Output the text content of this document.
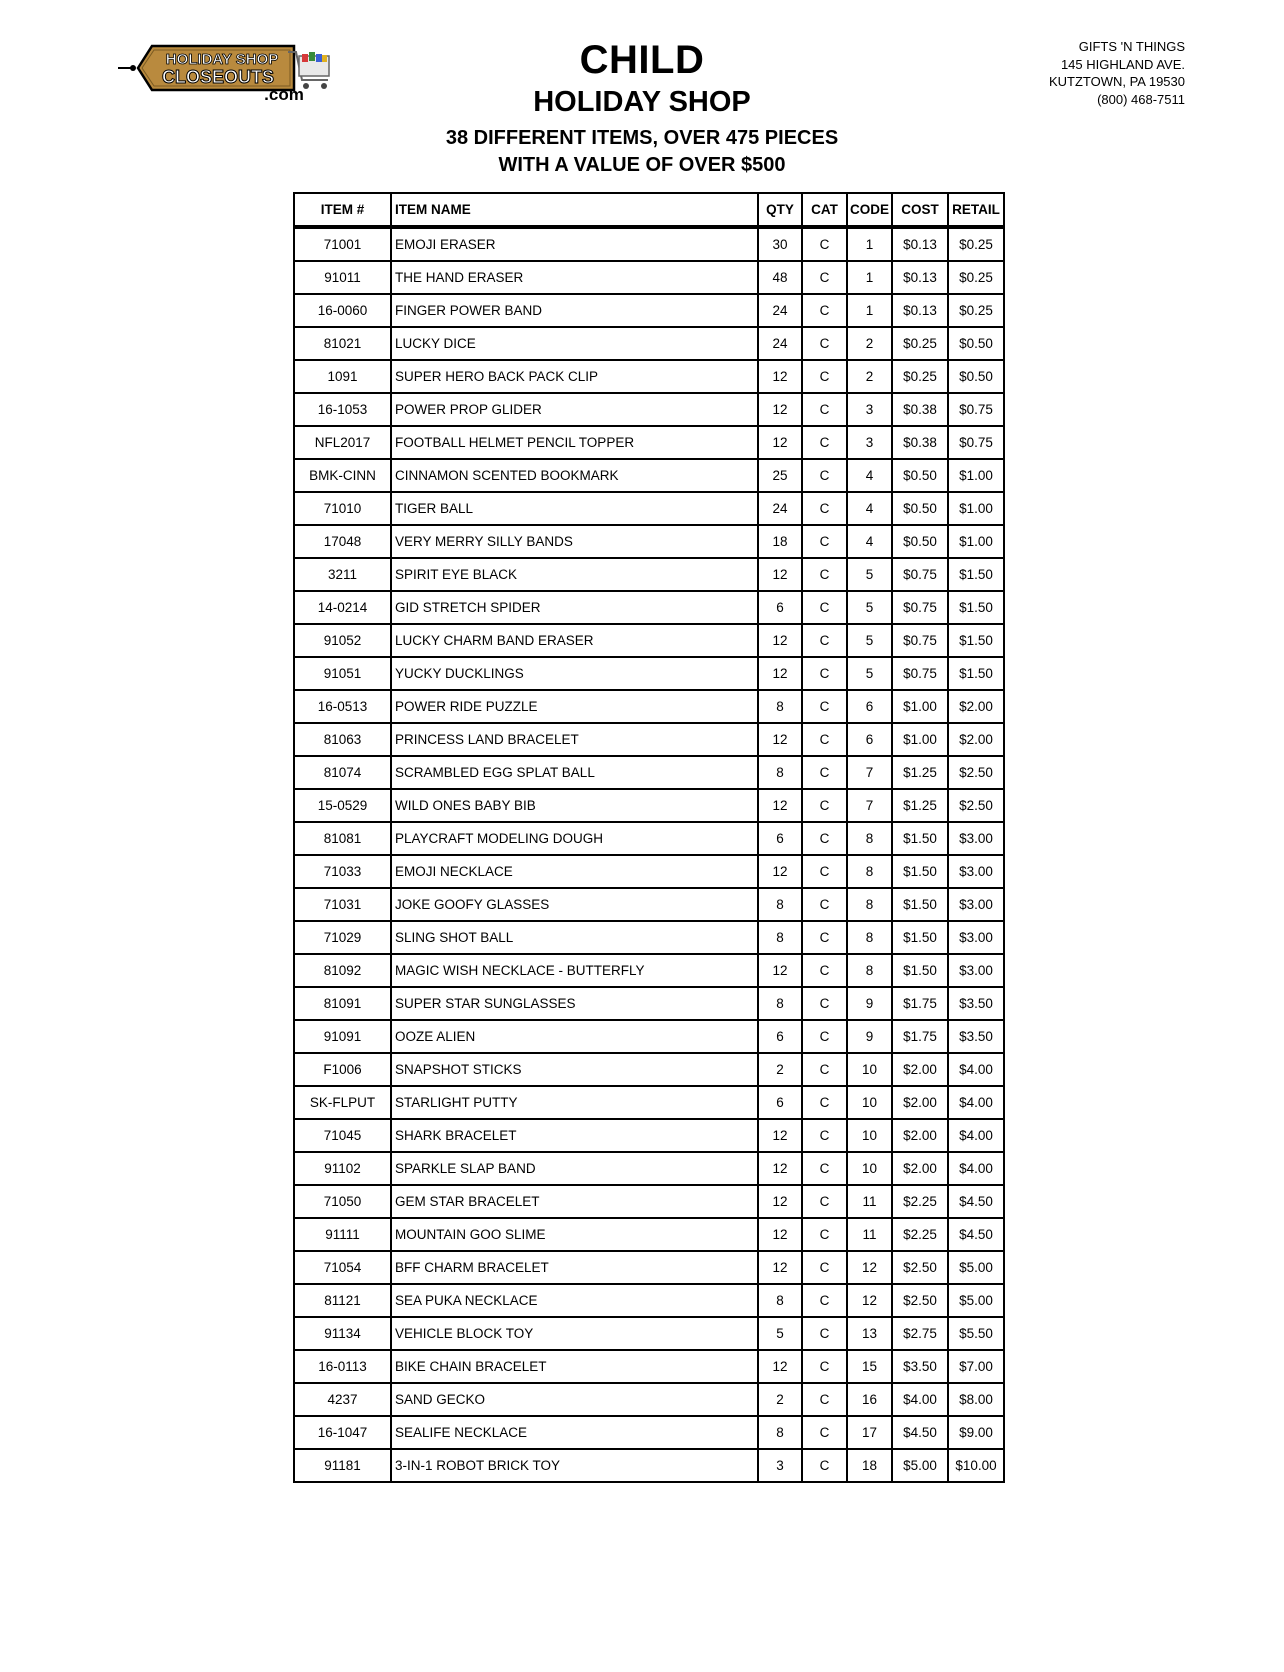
HOLIDAY SHOP
CLOSEOUTS
.com
CHILD
HOLIDAY SHOP
38 DIFFERENT ITEMS, OVER 475 PIECES
WITH A VALUE OF OVER $500
GIFTS 'N THINGS
145 HIGHLAND AVE.
KUTZTOWN, PA 19530
(800) 468-7511
ITEM #	ITEM NAME	QTY	CAT	CODE	COST	RETAIL
71001	EMOJI ERASER	30	C	1	$0.13	$0.25
91011	THE HAND ERASER	48	C	1	$0.13	$0.25
16-0060	FINGER POWER BAND	24	C	1	$0.13	$0.25
81021	LUCKY DICE	24	C	2	$0.25	$0.50
1091	SUPER HERO BACK PACK CLIP	12	C	2	$0.25	$0.50
16-1053	POWER PROP GLIDER	12	C	3	$0.38	$0.75
NFL2017	FOOTBALL HELMET PENCIL TOPPER	12	C	3	$0.38	$0.75
BMK-CINN	CINNAMON SCENTED BOOKMARK	25	C	4	$0.50	$1.00
71010	TIGER BALL	24	C	4	$0.50	$1.00
17048	VERY MERRY SILLY BANDS	18	C	4	$0.50	$1.00
3211	SPIRIT EYE BLACK	12	C	5	$0.75	$1.50
14-0214	GID STRETCH SPIDER	6	C	5	$0.75	$1.50
91052	LUCKY CHARM BAND ERASER	12	C	5	$0.75	$1.50
91051	YUCKY DUCKLINGS	12	C	5	$0.75	$1.50
16-0513	POWER RIDE PUZZLE	8	C	6	$1.00	$2.00
81063	PRINCESS LAND BRACELET	12	C	6	$1.00	$2.00
81074	SCRAMBLED EGG SPLAT BALL	8	C	7	$1.25	$2.50
15-0529	WILD ONES BABY BIB	12	C	7	$1.25	$2.50
81081	PLAYCRAFT MODELING DOUGH	6	C	8	$1.50	$3.00
71033	EMOJI NECKLACE	12	C	8	$1.50	$3.00
71031	JOKE GOOFY GLASSES	8	C	8	$1.50	$3.00
71029	SLING SHOT BALL	8	C	8	$1.50	$3.00
81092	MAGIC WISH NECKLACE - BUTTERFLY	12	C	8	$1.50	$3.00
81091	SUPER STAR SUNGLASSES	8	C	9	$1.75	$3.50
91091	OOZE ALIEN	6	C	9	$1.75	$3.50
F1006	SNAPSHOT STICKS	2	C	10	$2.00	$4.00
SK-FLPUT	STARLIGHT PUTTY	6	C	10	$2.00	$4.00
71045	SHARK BRACELET	12	C	10	$2.00	$4.00
91102	SPARKLE SLAP BAND	12	C	10	$2.00	$4.00
71050	GEM STAR BRACELET	12	C	11	$2.25	$4.50
91111	MOUNTAIN GOO SLIME	12	C	11	$2.25	$4.50
71054	BFF CHARM BRACELET	12	C	12	$2.50	$5.00
81121	SEA PUKA NECKLACE	8	C	12	$2.50	$5.00
91134	VEHICLE BLOCK TOY	5	C	13	$2.75	$5.50
16-0113	BIKE CHAIN BRACELET	12	C	15	$3.50	$7.00
4237	SAND GECKO	2	C	16	$4.00	$8.00
16-1047	SEALIFE NECKLACE	8	C	17	$4.50	$9.00
91181	3-IN-1 ROBOT BRICK TOY	3	C	18	$5.00	$10.00
